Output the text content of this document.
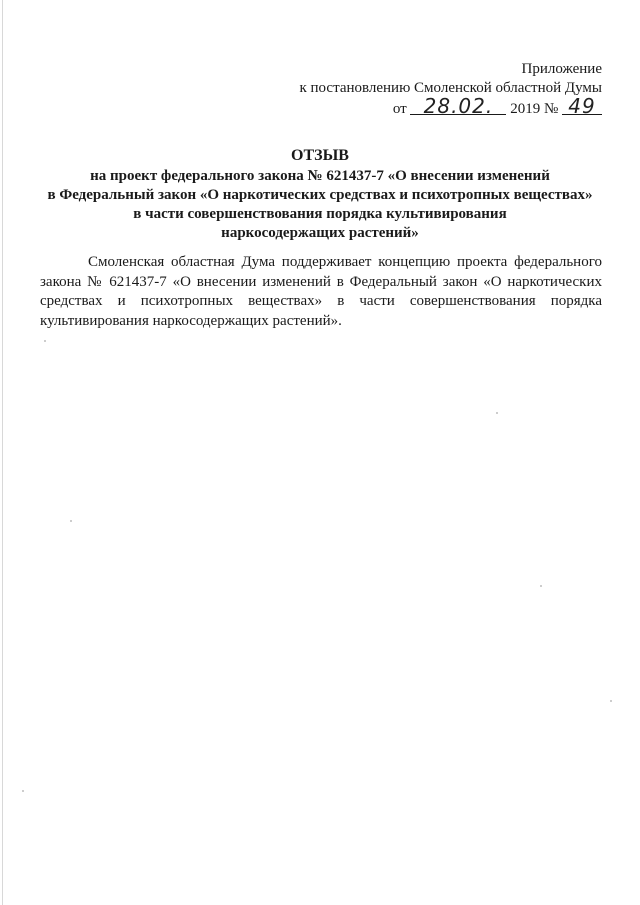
Приложение
к постановлению Смоленской областной Думы
от 28.02. 2019 № 49
ОТЗЫВ
на проект федерального закона № 621437-7 «О внесении изменений
в Федеральный закон «О наркотических средствах и психотропных веществах»
в части совершенствования порядка культивирования
наркосодержащих растений»
Смоленская областная Дума поддерживает концепцию проекта федерального закона № 621437-7 «О внесении изменений в Федеральный закон «О наркотических средствах и психотропных веществах» в части совершенствования порядка культивирования наркосодержащих растений».
